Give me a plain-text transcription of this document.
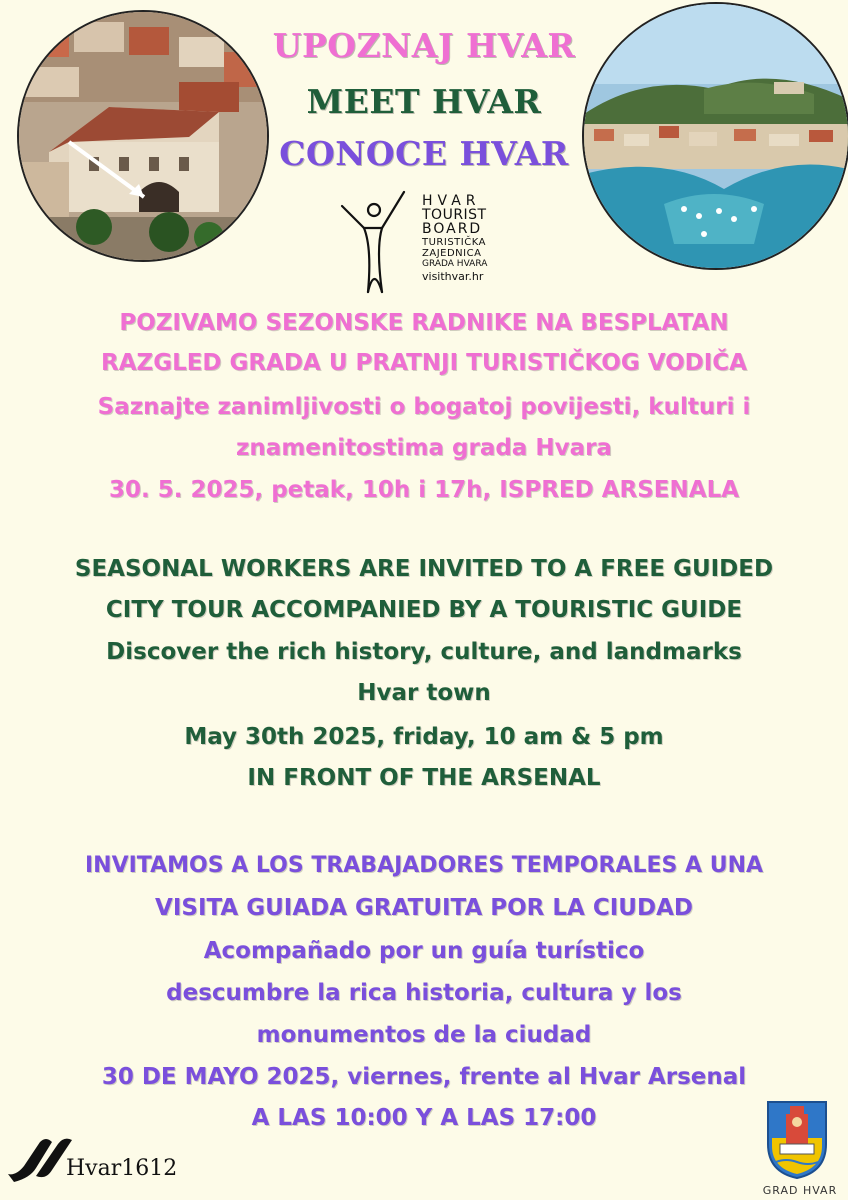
UPOZNAJ HVAR
MEET HVAR
CONOCE HVAR
HVAR
TOURIST
BOARD
TURISTIČKA
ZAJEDNICA
GRADA HVARA
visithvar.hr
POZIVAMO SEZONSKE RADNIKE NA BESPLATAN
RAZGLED GRADA U PRATNJI TURISTIČKOG VODIČA
Saznajte zanimljivosti o bogatoj povijesti, kulturi i
znamenitostima grada Hvara
30. 5. 2025, petak, 10h i 17h, ISPRED ARSENALA
SEASONAL WORKERS ARE INVITED TO A FREE GUIDED
CITY TOUR ACCOMPANIED BY A TOURISTIC GUIDE
Discover the rich history, culture, and landmarks
Hvar town
May 30th 2025, friday, 10 am & 5 pm
IN FRONT OF THE ARSENAL
INVITAMOS A LOS TRABAJADORES TEMPORALES A UNA
VISITA GUIADA GRATUITA POR LA CIUDAD
Acompañado por un guía turístico
descumbre la rica historia, cultura y los
monumentos de la ciudad
30 DE MAYO 2025, viernes, frente al Hvar Arsenal
A LAS 10:00 Y A LAS 17:00
Hvar1612
GRAD HVAR
